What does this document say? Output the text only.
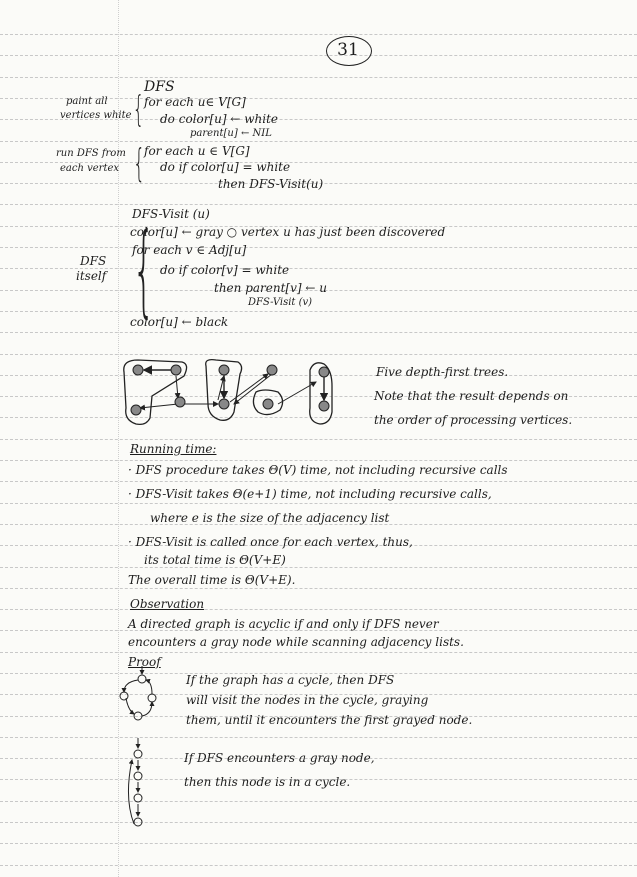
31
DFS
paint all
vertices white { for each u∈ V[G]
do color[u] ← white
parent[u] ← NIL
run DFS from
each vertex {
for each u ∈ V[G]
do if color[u] = white
then DFS-Visit(u)
DFS-Visit (u)
DFS
itself {
color[u] ← gray ○ vertex u has just been discovered
for each v ∈ Adj[u]
do if color[v] = white
then parent[v] ← u
DFS-Visit (v)
color[u] ← black
Five depth-first trees.
Note that the result depends on
the order of processing vertices.
Running time:
· DFS procedure takes Θ(V) time, not including recursive calls
· DFS-Visit takes Θ(e+1) time, not including recursive calls,
where e is the size of the adjacency list
· DFS-Visit is called once for each vertex, thus,
its total time is Θ(V+E)
The overall time is Θ(V+E).
Observation
A directed graph is acyclic if and only if DFS never
encounters a gray node while scanning adjacency lists.
Proof
If the graph has a cycle, then DFS
will visit the nodes in the cycle, graying
them, until it encounters the first grayed node.
If DFS encounters a gray node,
then this node is in a cycle.
